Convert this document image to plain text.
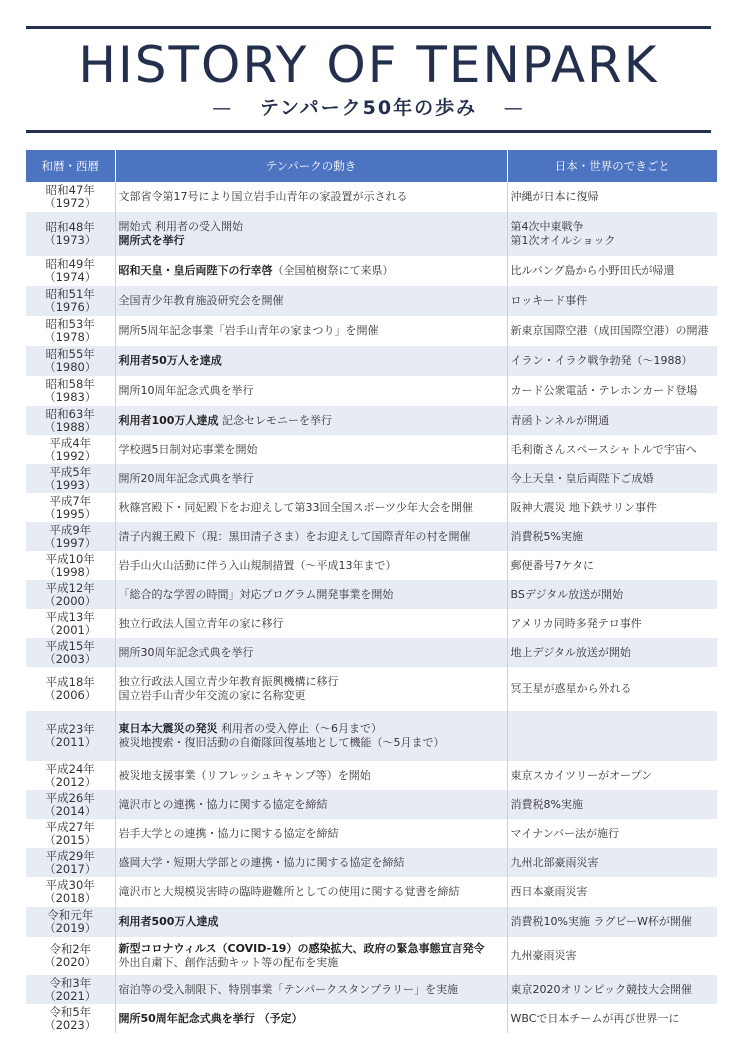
HISTORY OF TENPARK
— テンパーク50年の歩み —
和暦・西暦	テンパークの動き	日本・世界のできごと

昭和47年
（1972）	文部省令第17号により国立岩手山青年の家設置が示される	沖縄が日本に復帰

昭和48年
（1973）	開始式 利用者の受入開始
開所式を挙行	第4次中東戦争
第1次オイルショック

昭和49年
（1974）	昭和天皇・皇后両陛下の行幸啓（全国植樹祭にて来県）	比ルバング島から小野田氏が帰還

昭和51年
（1976）	全国青少年教育施設研究会を開催	ロッキード事件

昭和53年
（1978）	開所5周年記念事業「岩手山青年の家まつり」を開催	新東京国際空港（成田国際空港）の開港

昭和55年
（1980）	利用者50万人を達成	イラン・イラク戦争勃発（～1988）

昭和58年
（1983）	開所10周年記念式典を挙行	カード公衆電話・テレホンカード登場

昭和63年
（1988）	利用者100万人達成 記念セレモニーを挙行	青函トンネルが開通

平成4年
（1992）	学校週5日制対応事業を開始	毛利衛さんスペースシャトルで宇宙へ

平成5年
（1993）	開所20周年記念式典を挙行	今上天皇・皇后両陛下ご成婚

平成7年
（1995）	秋篠宮殿下・同妃殿下をお迎えして第33回全国スポーツ少年大会を開催	阪神大震災 地下鉄サリン事件

平成9年
（1997）	清子内親王殿下（現：黒田清子さま）をお迎えして国際青年の村を開催	消費税5%実施

平成10年
（1998）	岩手山火山活動に伴う入山規制措置（～平成13年まで）	郵便番号7ケタに

平成12年
（2000）	「総合的な学習の時間」対応プログラム開発事業を開始	BSデジタル放送が開始

平成13年
（2001）	独立行政法人国立青年の家に移行	アメリカ同時多発テロ事件

平成15年
（2003）	開所30周年記念式典を挙行	地上デジタル放送が開始

平成18年
（2006）	独立行政法人国立青少年教育振興機構に移行
国立岩手山青少年交流の家に名称変更	冥王星が惑星から外れる

平成23年
（2011）	東日本大震災の発災 利用者の受入停止（～6月まで）
被災地捜索・復旧活動の自衛隊回復基地として機能（～5月まで）	

平成24年
（2012）	被災地支援事業（リフレッシュキャンプ等）を開始	東京スカイツリーがオープン

平成26年
（2014）	滝沢市との連携・協力に関する協定を締結	消費税8%実施

平成27年
（2015）	岩手大学との連携・協力に関する協定を締結	マイナンバー法が施行

平成29年
（2017）	盛岡大学・短期大学部との連携・協力に関する協定を締結	九州北部豪雨災害

平成30年
（2018）	滝沢市と大規模災害時の臨時避難所としての使用に関する覚書を締結	西日本豪雨災害

令和元年
（2019）	利用者500万人達成	消費税10%実施 ラグビーW杯が開催

令和2年
（2020）	新型コロナウィルス（COVID-19）の感染拡大、政府の緊急事態宣言発令
外出自粛下、創作活動キット等の配布を実施	九州豪雨災害

令和3年
（2021）	宿泊等の受入制限下、特別事業「テンパークスタンプラリー」を実施	東京2020オリンピック競技大会開催

令和5年
（2023）	開所50周年記念式典を挙行 （予定）	WBCで日本チームが再び世界一に
